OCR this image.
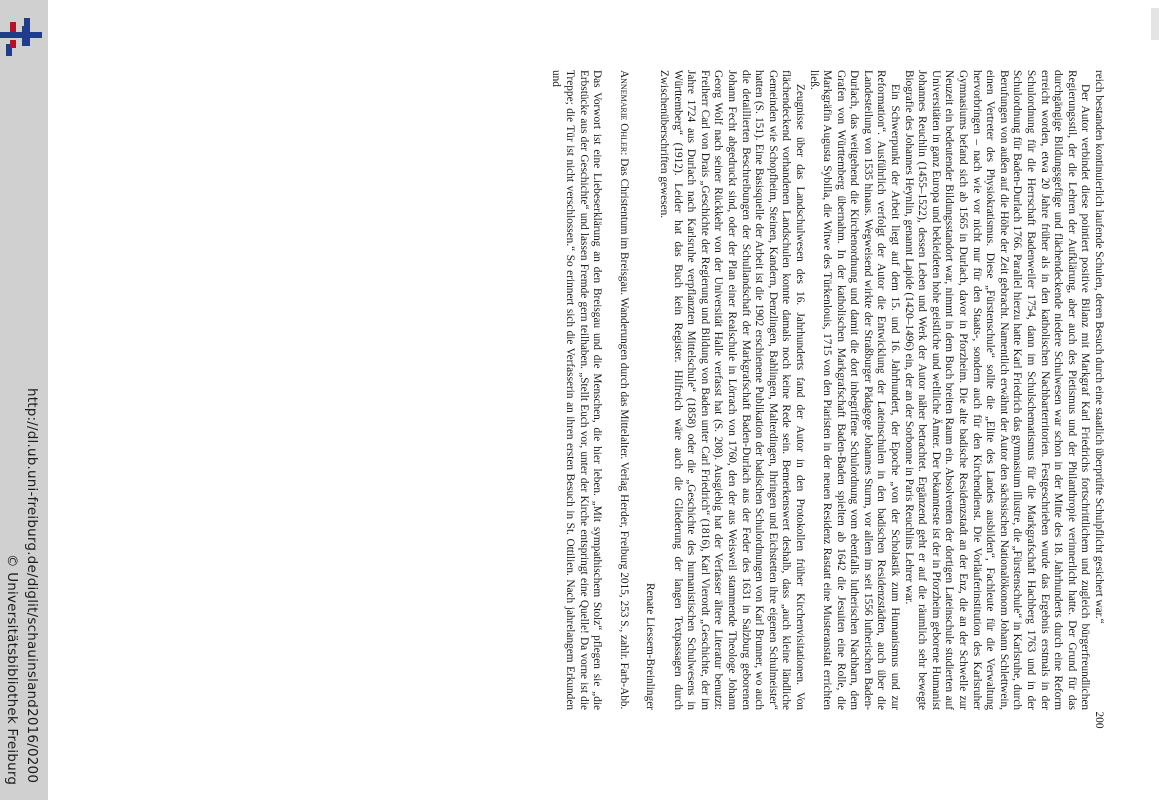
http://dl.ub.uni-freiburg.de/diglit/schauinsland2016/0200
© Universitätsbibliothek Freiburg

reich bestanden kontinuierlich laufende Schulen, deren Besuch durch eine staatlich überprüfte Schulpflicht gesichert war.“

Der Autor verbindet diese pointiert positive Bilanz mit Markgraf Karl Friedrichs fortschrittlichem und zugleich bürgerfreundlichen Regierungsstil, der die Lehren der Aufklärung, aber auch des Pietismus und der Philanthropie verinnerlicht hatte. Der Grund für das durchgängige Bildungsgefüge und flächendeckende niedere Schulwesen war schon in der Mitte des 18. Jahrhunderts durch eine Reform erreicht worden, etwa 20 Jahre früher als in den katholischen Nachbarterritorien. Festgeschrieben wurde das Ergebnis erstmals in der Schulordnung für die Herrschaft Badenweiler 1754, dann im Schulschematismus für die Markgrafschaft Hachberg 1763 und in der Schulordnung für Baden-Durlach 1766. Parallel hierzu hatte Karl Friedrich das gymnasium illustre, die „Fürstenschule“ in Karlsruhe, durch Berufungen von außen auf die Höhe der Zeit gebracht. Namentlich erwähnt der Autor den sächsischen Nationalökonom Johann Schlettwein, einen Vertreter des Physiokratismus. Diese „Fürstenschule“ sollte die „Elite des Landes ausbilden“, Fachleute für die Verwaltung hervorbringen – nach wie vor nicht nur für den Staats-, sondern auch für den Kirchendienst. Die Vorläuferinstitution des Karlsruher Gymnasiums befand sich ab 1565 in Durlach, davor in Pforzheim. Die alte badische Residenzstadt an der Enz, die an der Schwelle zur Neuzeit ein bedeutender Bildungsstandort war, nimmt in dem Buch breiten Raum ein. Absolventen der dortigen Lateinschule studierten auf Universitäten in ganz Europa und bekleideten hohe geistliche und weltliche Ämter. Der bekannteste ist der in Pforzheim geborene Humanist Johannes Reuchlin (1455–1522), dessen Leben und Werk der Autor näher betrachtet. Ergänzend geht er auf die räumlich sehr bewegte Biografie des Johannes Heynlin, genannt Lapide (1420–1496) ein, der an der Sorbonne in Paris Reuchlins Lehrer war.

Ein Schwerpunkt der Arbeit liegt auf dem 15. und 16. Jahrhundert, der Epoche „von der Scholastik zum Humanismus und zur Reformation“. Ausführlich verfolgt der Autor die Entwicklung der Lateinschulen in den badischen Residenzstädten, auch über die Landesteilung von 1535 hinaus. Wegweisend wirkte der Straßburger Pädagoge Johannes Sturm, vor allem im seit 1556 lutherischen Baden-Durlach, das weitgehend die Kirchenordnung und damit die dort inbegriffene Schulordnung vom ebenfalls lutherischen Nachbarn, dem Grafen von Württemberg übernahm. In der katholischen Markgrafschaft Baden-Baden spielten ab 1642 die Jesuiten eine Rolle, die Markgräfin Augusta Sybilla, die Witwe des Türkenlouis, 1715 von den Piaristen in der neuen Residenz Rastatt eine Musteranstalt errichten ließ.

Zeugnisse über das Landschulwesen des 16. Jahrhunderts fand der Autor in den Protokollen früher Kirchenvisitationen. Von flächendeckend vorhandenen Landschulen konnte damals noch keine Rede sein. Bemerkenswert deshalb, dass „auch kleine ländliche Gemeinden wie Schopfheim, Steinen, Kandern, Denzlingen, Bahlingen, Malterdingen, Ihringen und Eichstetten ihre eigenen Schulmeister“ hatten (S. 151). Eine Basisquelle der Arbeit ist die 1902 erschienene Publikation der badischen Schulordnungen von Karl Brunner, wo auch die detaillierten Beschreibungen der Schullandschaft der Markgrafschaft Baden-Durlach aus der Feder des 1631 in Salzburg geborenen Johann Fecht abgedruckt sind, oder der Plan einer Realschule in Lörrach von 1760, den der aus Weisweil stammende Theologe Johann Georg Wolf nach seiner Rückkehr von der Universität Halle verfasst hat (S. 208). Ausgiebig hat der Verfasser ältere Literatur benutzt: Freiherr Carl von Drais „Geschichte der Regierung und Bildung von Baden unter Carl Friedrich“ (1816), Karl Vierordt „Geschichte, der im Jahre 1724 aus Durlach nach Karlsruhe verpflanzten Mittelschule“ (1858) oder die „Geschichte des humanistischen Schulwesens in Württemberg“ (1912). Leider hat das Buch kein Register. Hilfreich wäre auch die Gliederung der langen Textpassagen durch Zwischenüberschriften gewesen.

Renate Liessem-Breinlinger

Annemarie Ohler: Das Christentum im Breisgau. Wanderungen durch das Mittelalter. Verlag Herder, Freiburg 2015, 253 S., zahlr. Farb-Abb.

Das Vorwort ist eine Liebeserklärung an den Breisgau und die Menschen, die hier leben. „Mit sympathischem Stolz“ pflegen sie „die Erbstücke aus der Geschichte“ und lassen Fremde gern teilhaben. „Stellt Euch vor, unter der Kirche entspringt eine Quelle! Da vorne ist die Treppe; die Tür ist nicht verschlossen.“ So erinnert sich die Verfasserin an ihren ersten Besuch in St. Ottilien. Nach jahrelangem Erkunden und

200
